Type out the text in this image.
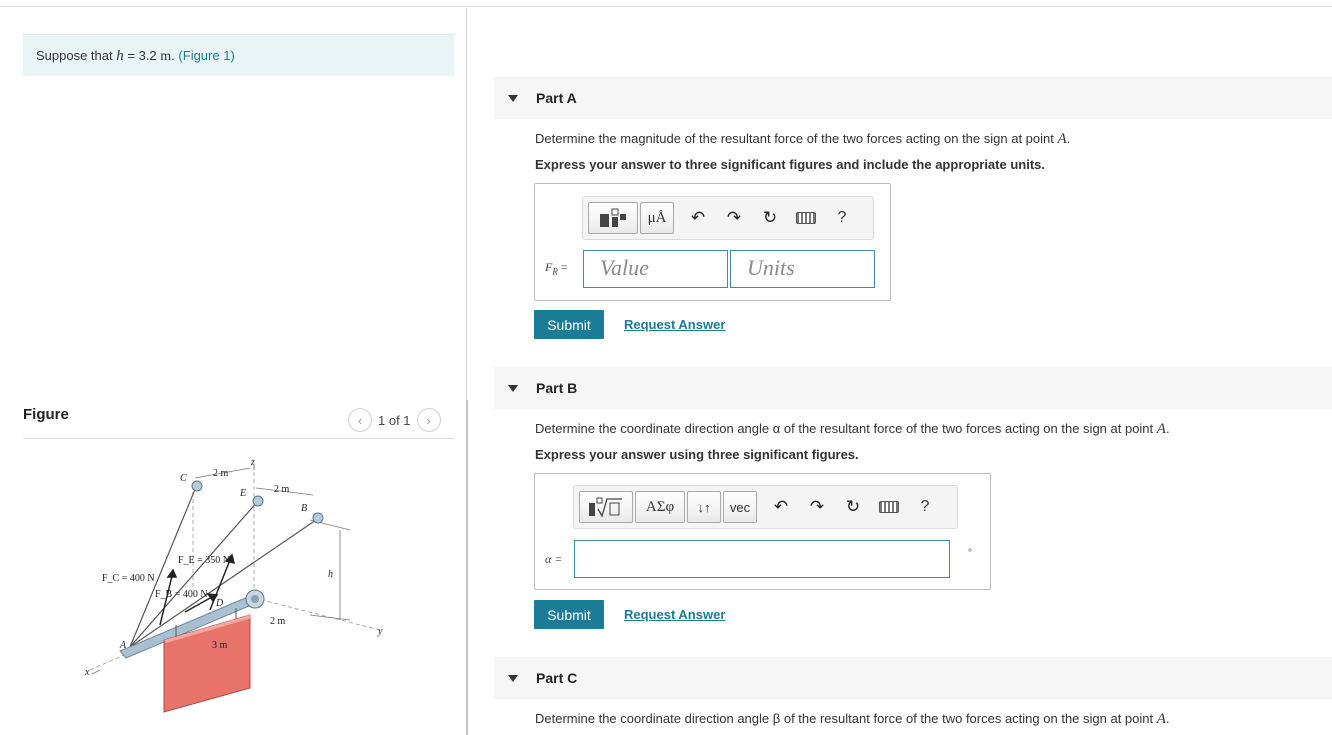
Suppose that h = 3.2 m. (Figure 1)
Figure	‹ 1 of 1 ›
C	2 m
z
E	2 m
B
F_E = 350 N
h
F_C = 400 N
F_B = 400 N
D
2 m
y
A	3 m
x
Part A
Determine the magnitude of the resultant force of the two forces acting on the sign at point A.
Express your answer to three significant figures and include the appropriate units.
μÅ	↶	↷	↻	?
$F_R$ =	Value	Units
Submit	Request Answer
Part B
Determine the coordinate direction angle α of the resultant force of the two forces acting on the sign at point A.
Express your answer using three significant figures.
ΑΣφ	↓↑	vec	↶	↷	↻	?
α =	°
Submit	Request Answer
Part C
Determine the coordinate direction angle β of the resultant force of the two forces acting on the sign at point A.
